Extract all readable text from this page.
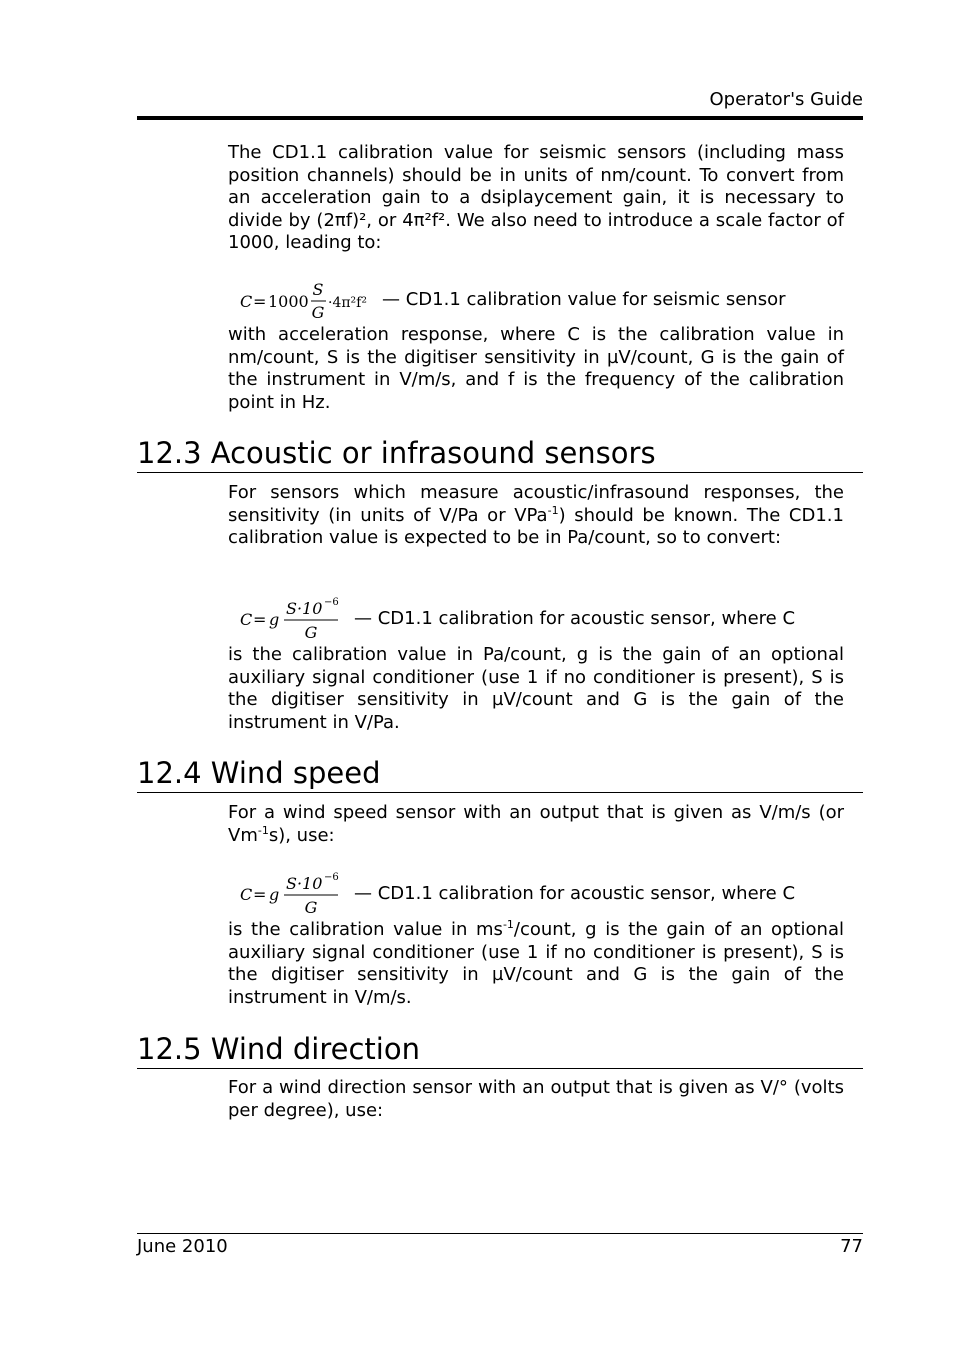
Operator's Guide

The CD1.1 calibration value for seismic sensors (including mass position channels) should be in units of nm/count. To convert from an acceleration gain to a dsiplaycement gain, it is necessary to divide by (2πf)², or 4π²f². We also need to introduce a scale factor of 1000, leading to:

C = 1000
S
G ·4π²f² — CD1.1 calibration value for seismic sensor
with acceleration response, where C is the calibration value in nm/count, S is the digitiser sensitivity in µV/count, G is the gain of the instrument in V/m/s, and f is the frequency of the calibration point in Hz.
12.3 Acoustic or infrasound sensors

For sensors which measure acoustic/infrasound responses, the sensitivity (in units of V/Pa or VPa$^{-1}$) should be known. The CD1.1 calibration value is expected to be in Pa/count, so to convert:

C = g
S·10 −6
G
— CD1.1 calibration for acoustic sensor, where C
is the calibration value in Pa/count, g is the gain of an optional auxiliary signal conditioner (use 1 if no conditioner is present), S is the digitiser sensitivity in µV/count and G is the gain of the instrument in V/Pa.
12.4 Wind speed

For a wind speed sensor with an output that is given as V/m/s (or $Vm^{-1}s$), use:

C = g
S·10 −6
G
— CD1.1 calibration for acoustic sensor, where C
is the calibration value in $ms^{-1}$/count, g is the gain of an optional auxiliary signal conditioner (use 1 if no conditioner is present), S is the digitiser sensitivity in µV/count and G is the gain of the instrument in V/m/s.
12.5 Wind direction

For a wind direction sensor with an output that is given as V/° (volts per degree), use:

June 2010	77
